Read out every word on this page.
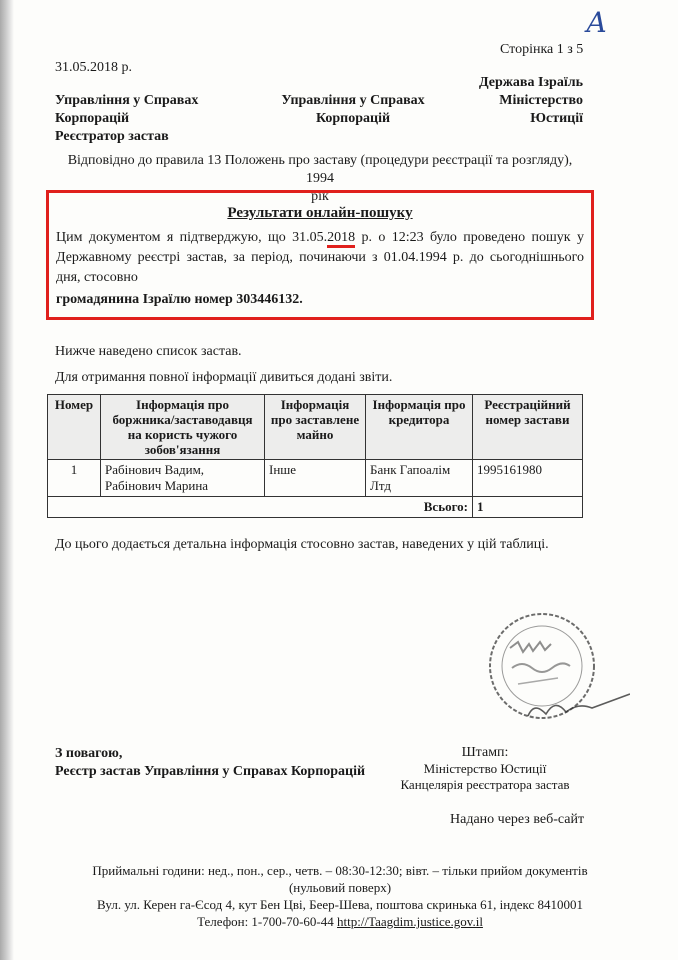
А
Сторінка 1 з 5
31.05.2018 р.
Управління у Справах
Корпорацій
Реєстратор застав
Управління у Справах
Корпорацій
Держава Ізраїль
Міністерство
Юстиції
Відповідно до правила 13 Положень про заставу (процедури реєстрації та розгляду), 1994
рік
Результати онлайн-пошуку
Цим документом я підтверджую, що 31.05.2018 р. о 12:23 було проведено пошук у Державному реєстрі застав, за період, починаючи з 01.04.1994 р. до сьогоднішнього дня, стосовно
громадянина Ізраїлю номер 303446132.
Нижче наведено список застав.
Для отримання повної інформації дивиться додані звіти.
Номер	Інформація про боржника/заставодавця на користь чужого зобов'язання	Інформація про заставлене майно	Інформація про кредитора	Реєстраційний номер застави
1	Рабінович Вадим, Рабінович Марина	Інше	Банк Гапоалім Лтд	1995161980
Всього:				1
До цього додається детальна інформація стосовно застав, наведених у цій таблиці.
З повагою,
Реєстр застав Управління у Справах Корпорацій
Штамп:
Міністерство Юстиції
Канцелярія реєстратора застав
Надано через веб-сайт
Приймальні години: нед., пон., сер., четв. – 08:30-12:30; вівт. – тільки прийом документів
(нульовий поверх)
Вул. ул. Керен га-Єсод 4, кут Бен Цві, Беер-Шева, поштова скринька 61, індекс 8410001
Телефон: 1-700-70-60-44 http://Taagdim.justice.gov.il
